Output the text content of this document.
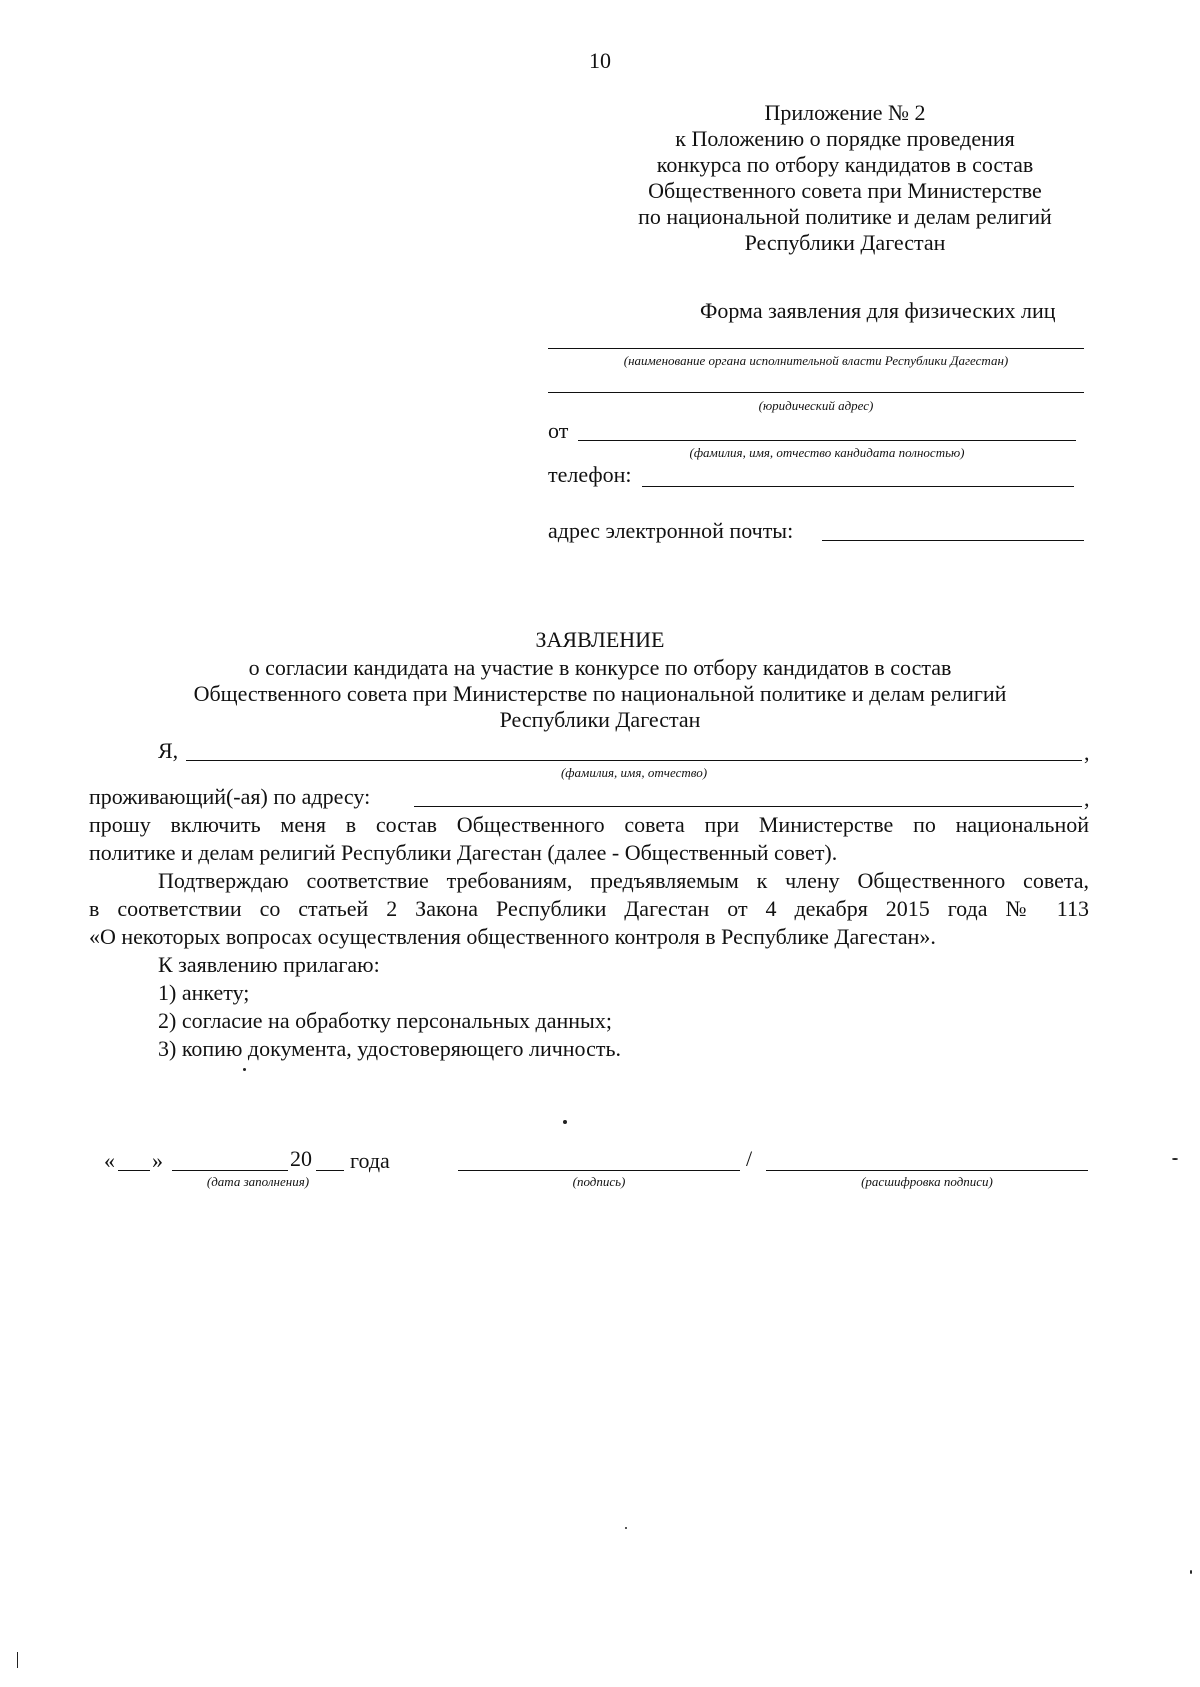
10
Приложение № 2
к Положению о порядке проведения
конкурса по отбору кандидатов в состав
Общественного совета при Министерстве
по национальной политике и делам религий
Республики Дагестан
Форма заявления для физических лиц
(наименование органа исполнительной власти Республики Дагестан)
(юридический адрес)
от
(фамилия, имя, отчество кандидата полностью)
телефон:
адрес электронной почты:
ЗАЯВЛЕНИЕ
о согласии кандидата на участие в конкурсе по отбору кандидатов в состав
Общественного совета при Министерстве по национальной политике и делам религий
Республики Дагестан
Я,	,
(фамилия, имя, отчество)
проживающий(-ая) по адресу:	,
прошу включить меня в состав Общественного совета при Министерстве по национальной
политике и делам религий Республики Дагестан (далее - Общественный совет).
Подтверждаю соответствие требованиям, предъявляемым к члену Общественного совета,
в соответствии со статьей 2 Закона Республики Дагестан от 4 декабря 2015 года № 113
«О некоторых вопросах осуществления общественного контроля в Республике Дагестан».
К заявлению прилагаю:
1) анкету;
2) согласие на обработку персональных данных;
3) копию документа, удостоверяющего личность.
« »	20 года
(дата заполнения)	(подпись)
/
(расшифровка подписи)
